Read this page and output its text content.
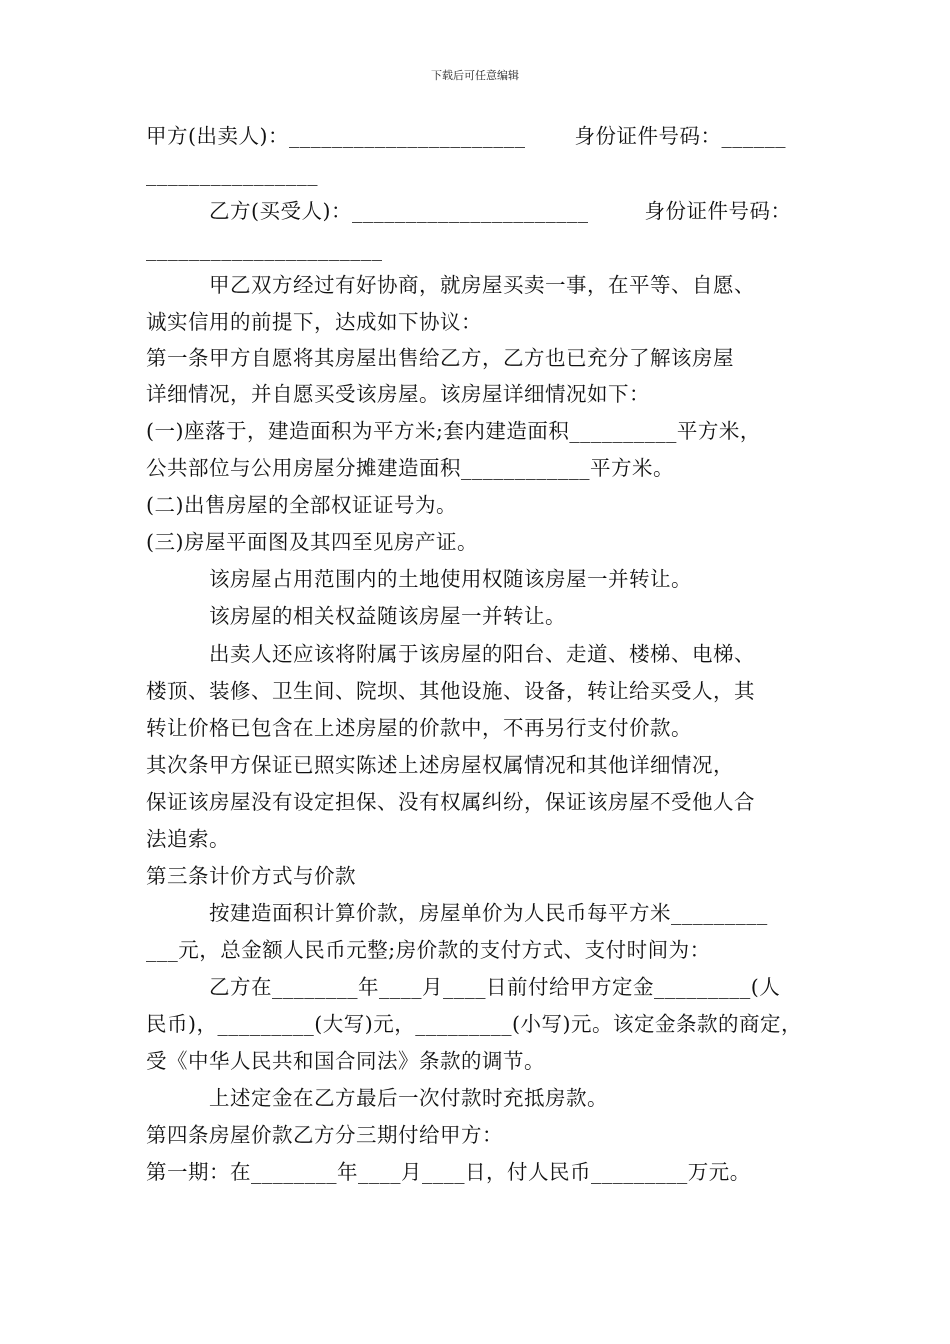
下载后可任意编辑
甲方(出卖人)：______________________ 　　身份证件号码：______
________________
　　　乙方(买受人)：______________________ 　　 身份证件号码：
______________________
　　　甲乙双方经过有好协商，就房屋买卖一事，在平等、自愿、
诚实信用的前提下，达成如下协议：
第一条甲方自愿将其房屋出售给乙方，乙方也已充分了解该房屋
详细情况，并自愿买受该房屋。该房屋详细情况如下：
(一)座落于，建造面积为平方米;套内建造面积__________平方米，
公共部位与公用房屋分摊建造面积____________平方米。
(二)出售房屋的全部权证证号为。
(三)房屋平面图及其四至见房产证。
　　　该房屋占用范围内的土地使用权随该房屋一并转让。
　　　该房屋的相关权益随该房屋一并转让。
　　　出卖人还应该将附属于该房屋的阳台、走道、楼梯、电梯、
楼顶、装修、卫生间、院坝、其他设施、设备，转让给买受人，其
转让价格已包含在上述房屋的价款中，不再另行支付价款。
其次条甲方保证已照实陈述上述房屋权属情况和其他详细情况，
保证该房屋没有设定担保、没有权属纠纷，保证该房屋不受他人合
法追索。
第三条计价方式与价款
　　　按建造面积计算价款，房屋单价为人民币每平方米_________
___元，总金额人民币元整;房价款的支付方式、支付时间为：
　　　乙方在________年____月____日前付给甲方定金_________(人
民币)，_________(大写)元，_________(小写)元。该定金条款的商定，
受《中华人民共和国合同法》条款的调节。
　　　上述定金在乙方最后一次付款时充抵房款。
第四条房屋价款乙方分三期付给甲方：
第一期：在________年____月____日，付人民币_________万元。
